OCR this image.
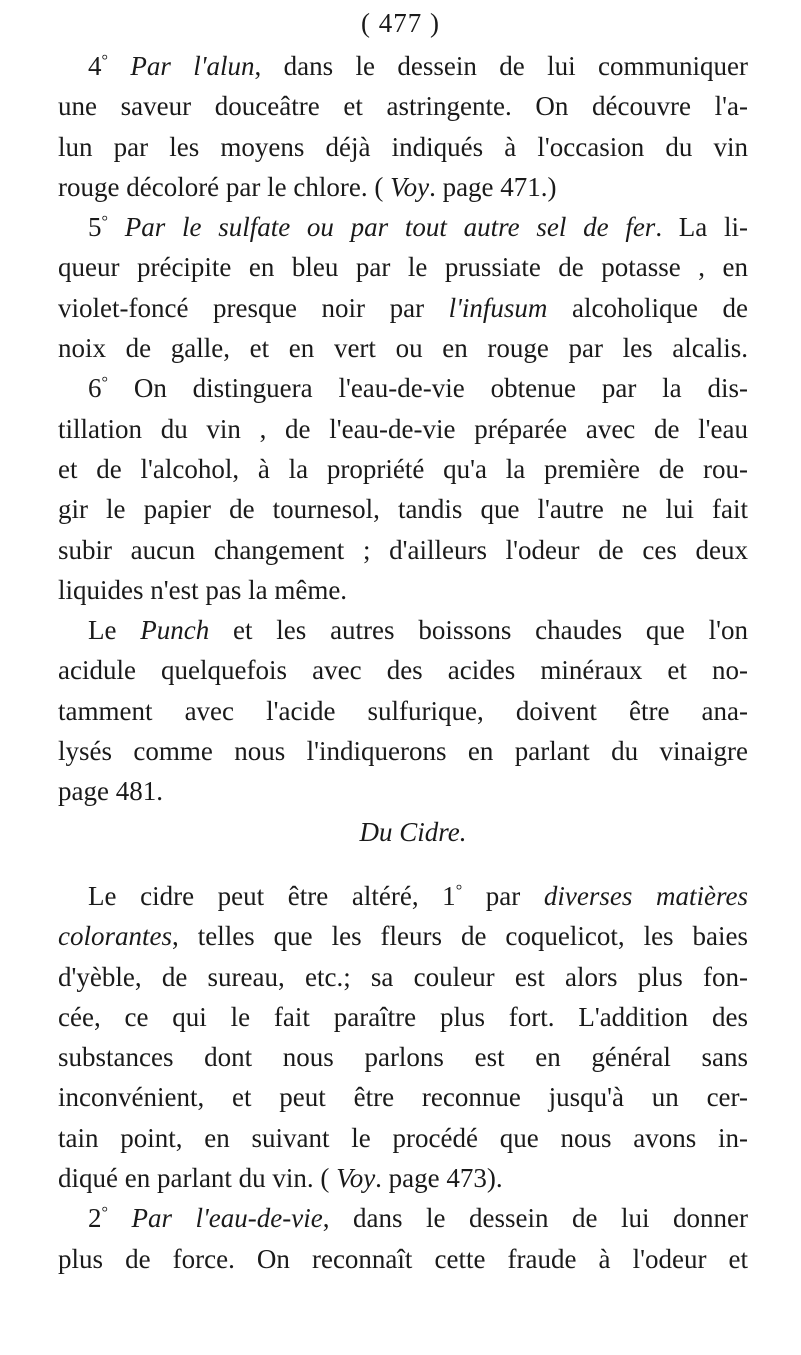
( 477 )
4° Par l'alun, dans le dessein de lui communiquer
une saveur douceâtre et astringente. On découvre l'a-
lun par les moyens déjà indiqués à l'occasion du vin
rouge décoloré par le chlore. ( Voy. page 471.)
5° Par le sulfate ou par tout autre sel de fer. La li-
queur précipite en bleu par le prussiate de potasse , en
violet-foncé presque noir par l'infusum alcoholique de
noix de galle, et en vert ou en rouge par les alcalis.
6° On distinguera l'eau-de-vie obtenue par la dis-
tillation du vin , de l'eau-de-vie préparée avec de l'eau
et de l'alcohol, à la propriété qu'a la première de rou-
gir le papier de tournesol, tandis que l'autre ne lui fait
subir aucun changement ; d'ailleurs l'odeur de ces deux
liquides n'est pas la même.
Le Punch et les autres boissons chaudes que l'on
acidule quelquefois avec des acides minéraux et no-
tamment avec l'acide sulfurique, doivent être ana-
lysés comme nous l'indiquerons en parlant du vinaigre
page 481.
Du Cidre.
Le cidre peut être altéré, 1° par diverses matières
colorantes, telles que les fleurs de coquelicot, les baies
d'yèble, de sureau, etc.; sa couleur est alors plus fon-
cée, ce qui le fait paraître plus fort. L'addition des
substances dont nous parlons est en général sans
inconvénient, et peut être reconnue jusqu'à un cer-
tain point, en suivant le procédé que nous avons in-
diqué en parlant du vin. ( Voy. page 473).
2° Par l'eau-de-vie, dans le dessein de lui donner
plus de force. On reconnaît cette fraude à l'odeur et
